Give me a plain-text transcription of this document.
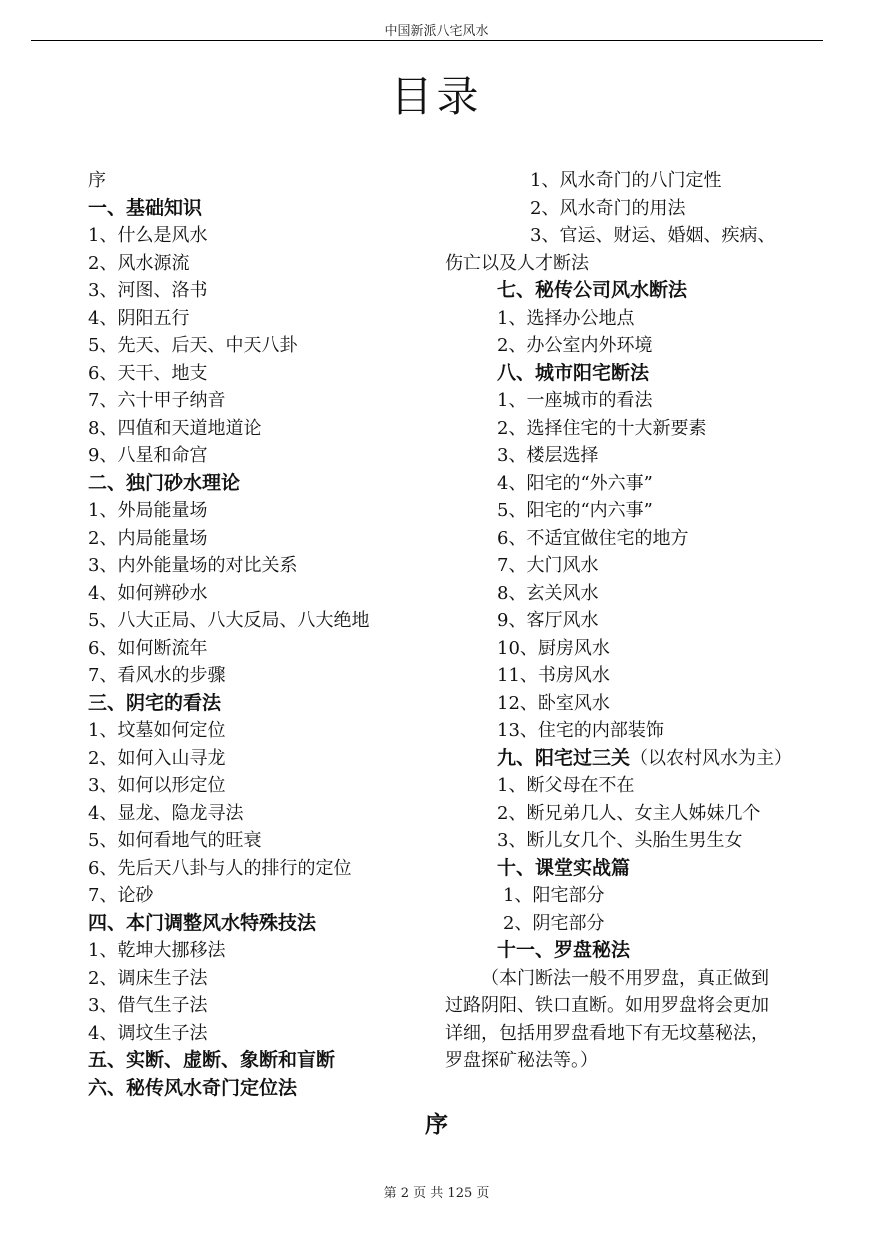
中国新派八宅风水
目录
序
一、基础知识
1、什么是风水
2、风水源流
3、河图、洛书
4、阴阳五行
5、先天、后天、中天八卦
6、天干、地支
7、六十甲子纳音
8、四值和天道地道论
9、八星和命宫
二、独门砂水理论
1、外局能量场
2、内局能量场
3、内外能量场的对比关系
4、如何辨砂水
5、八大正局、八大反局、八大绝地
6、如何断流年
7、看风水的步骤
三、阴宅的看法
1、坟墓如何定位
2、如何入山寻龙
3、如何以形定位
4、显龙、隐龙寻法
5、如何看地气的旺衰
6、先后天八卦与人的排行的定位
7、论砂
四、本门调整风水特殊技法
1、乾坤大挪移法
2、调床生子法
3、借气生子法
4、调坟生子法
五、实断、虚断、象断和盲断
六、秘传风水奇门定位法
1、风水奇门的八门定性
2、风水奇门的用法
3、官运、财运、婚姻、疾病、
伤亡以及人才断法
七、秘传公司风水断法
1、选择办公地点
2、办公室内外环境
八、城市阳宅断法
1、一座城市的看法
2、选择住宅的十大新要素
3、楼层选择
4、阳宅的“外六事”
5、阳宅的“内六事”
6、不适宜做住宅的地方
7、大门风水
8、玄关风水
9、客厅风水
10、厨房风水
11、书房风水
12、卧室风水
13、住宅的内部装饰
九、阳宅过三关（以农村风水为主）
1、断父母在不在
2、断兄弟几人、女主人姊妹几个
3、断儿女几个、头胎生男生女
十、课堂实战篇
1、阳宅部分
2、阴宅部分
十一、罗盘秘法
（本门断法一般不用罗盘，真正做到
过路阴阳、铁口直断。如用罗盘将会更加
详细，包括用罗盘看地下有无坟墓秘法，
罗盘探矿秘法等。）
序
第 2 页 共 125 页
